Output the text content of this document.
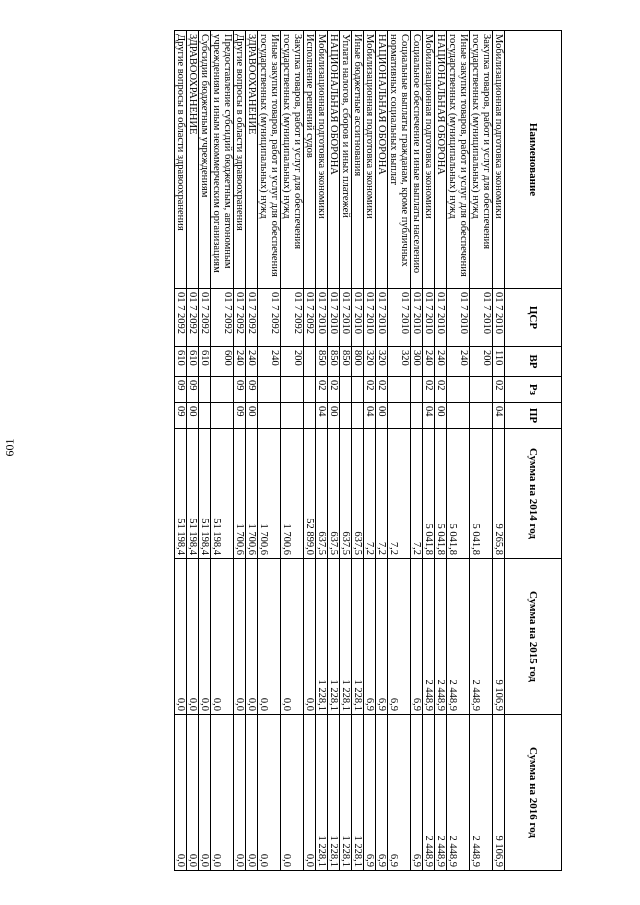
601
Наименование	ЦСР	ВР	Рз	ПР	Сумма на 2014 год	Сумма на 2015 год	Сумма на 2016 год
Мобилизационная подготовка экономики	01 7 2010	110	02	04	9 265,8	9 106,9	9 106,9
Закупка товаров, работ и услуг для обеспечения государственных (муниципальных) нужд	01 7 2010	200			5 041,8	2 448,9	2 448,9
Иные закупки товаров, работ и услуг для обеспечения государственных (муниципальных) нужд	01 7 2010	240			5 041,8	2 448,9	2 448,9
НАЦИОНАЛЬНАЯ ОБОРОНА	01 7 2010	240	02	00	5 041,8	2 448,9	2 448,9
Мобилизационная подготовка экономики	01 7 2010	240	02	04	5 041,8	2 448,9	2 448,9
Социальное обеспечение и иные выплаты населению	01 7 2010	300			7,2	6,9	6,9
Социальные выплаты гражданам, кроме публичных нормативных социальных выплат	01 7 2010	320			7,2	6,9	6,9
НАЦИОНАЛЬНАЯ ОБОРОНА	01 7 2010	320	02	00	7,2	6,9	6,9
Мобилизационная подготовка экономики	01 7 2010	320	02	04	7,2	6,9	6,9
Иные бюджетные ассигнования	01 7 2010	800			637,5	1 228,1	1 228,1
Уплата налогов, сборов и иных платежей	01 7 2010	850			637,5	1 228,1	1 228,1
НАЦИОНАЛЬНАЯ ОБОРОНА	01 7 2010	850	02	00	637,5	1 228,1	1 228,1
Мобилизационная подготовка экономики	01 7 2010	850	02	04	637,5	1 228,1	1 228,1
Исполнение решений судов	01 7 2092				52 899,0	0,0	0,0
Закупка товаров, работ и услуг для обеспечения государственных (муниципальных) нужд	01 7 2092	200			1 700,6	0,0	0,0
Иные закупки товаров, работ и услуг для обеспечения государственных (муниципальных) нужд	01 7 2092	240			1 700,6	0,0	0,0
ЗДРАВООХРАНЕНИЕ	01 7 2092	240	09	00	1 700,6	0,0	0,0
Другие вопросы в области здравоохранения	01 7 2092	240	09	09	1 700,6	0,0	0,0
Предоставление субсидий бюджетным, автономным учреждениям и иным некоммерческим организациям	01 7 2092	600			51 198,4	0,0	0,0
Субсидии бюджетным учреждениям	01 7 2092	610			51 198,4	0,0	0,0
ЗДРАВООХРАНЕНИЕ	01 7 2092	610	09	00	51 198,4	0,0	0,0
Другие вопросы в области здравоохранения	01 7 2092	610	09	09	51 198,4	0,0	0,0
